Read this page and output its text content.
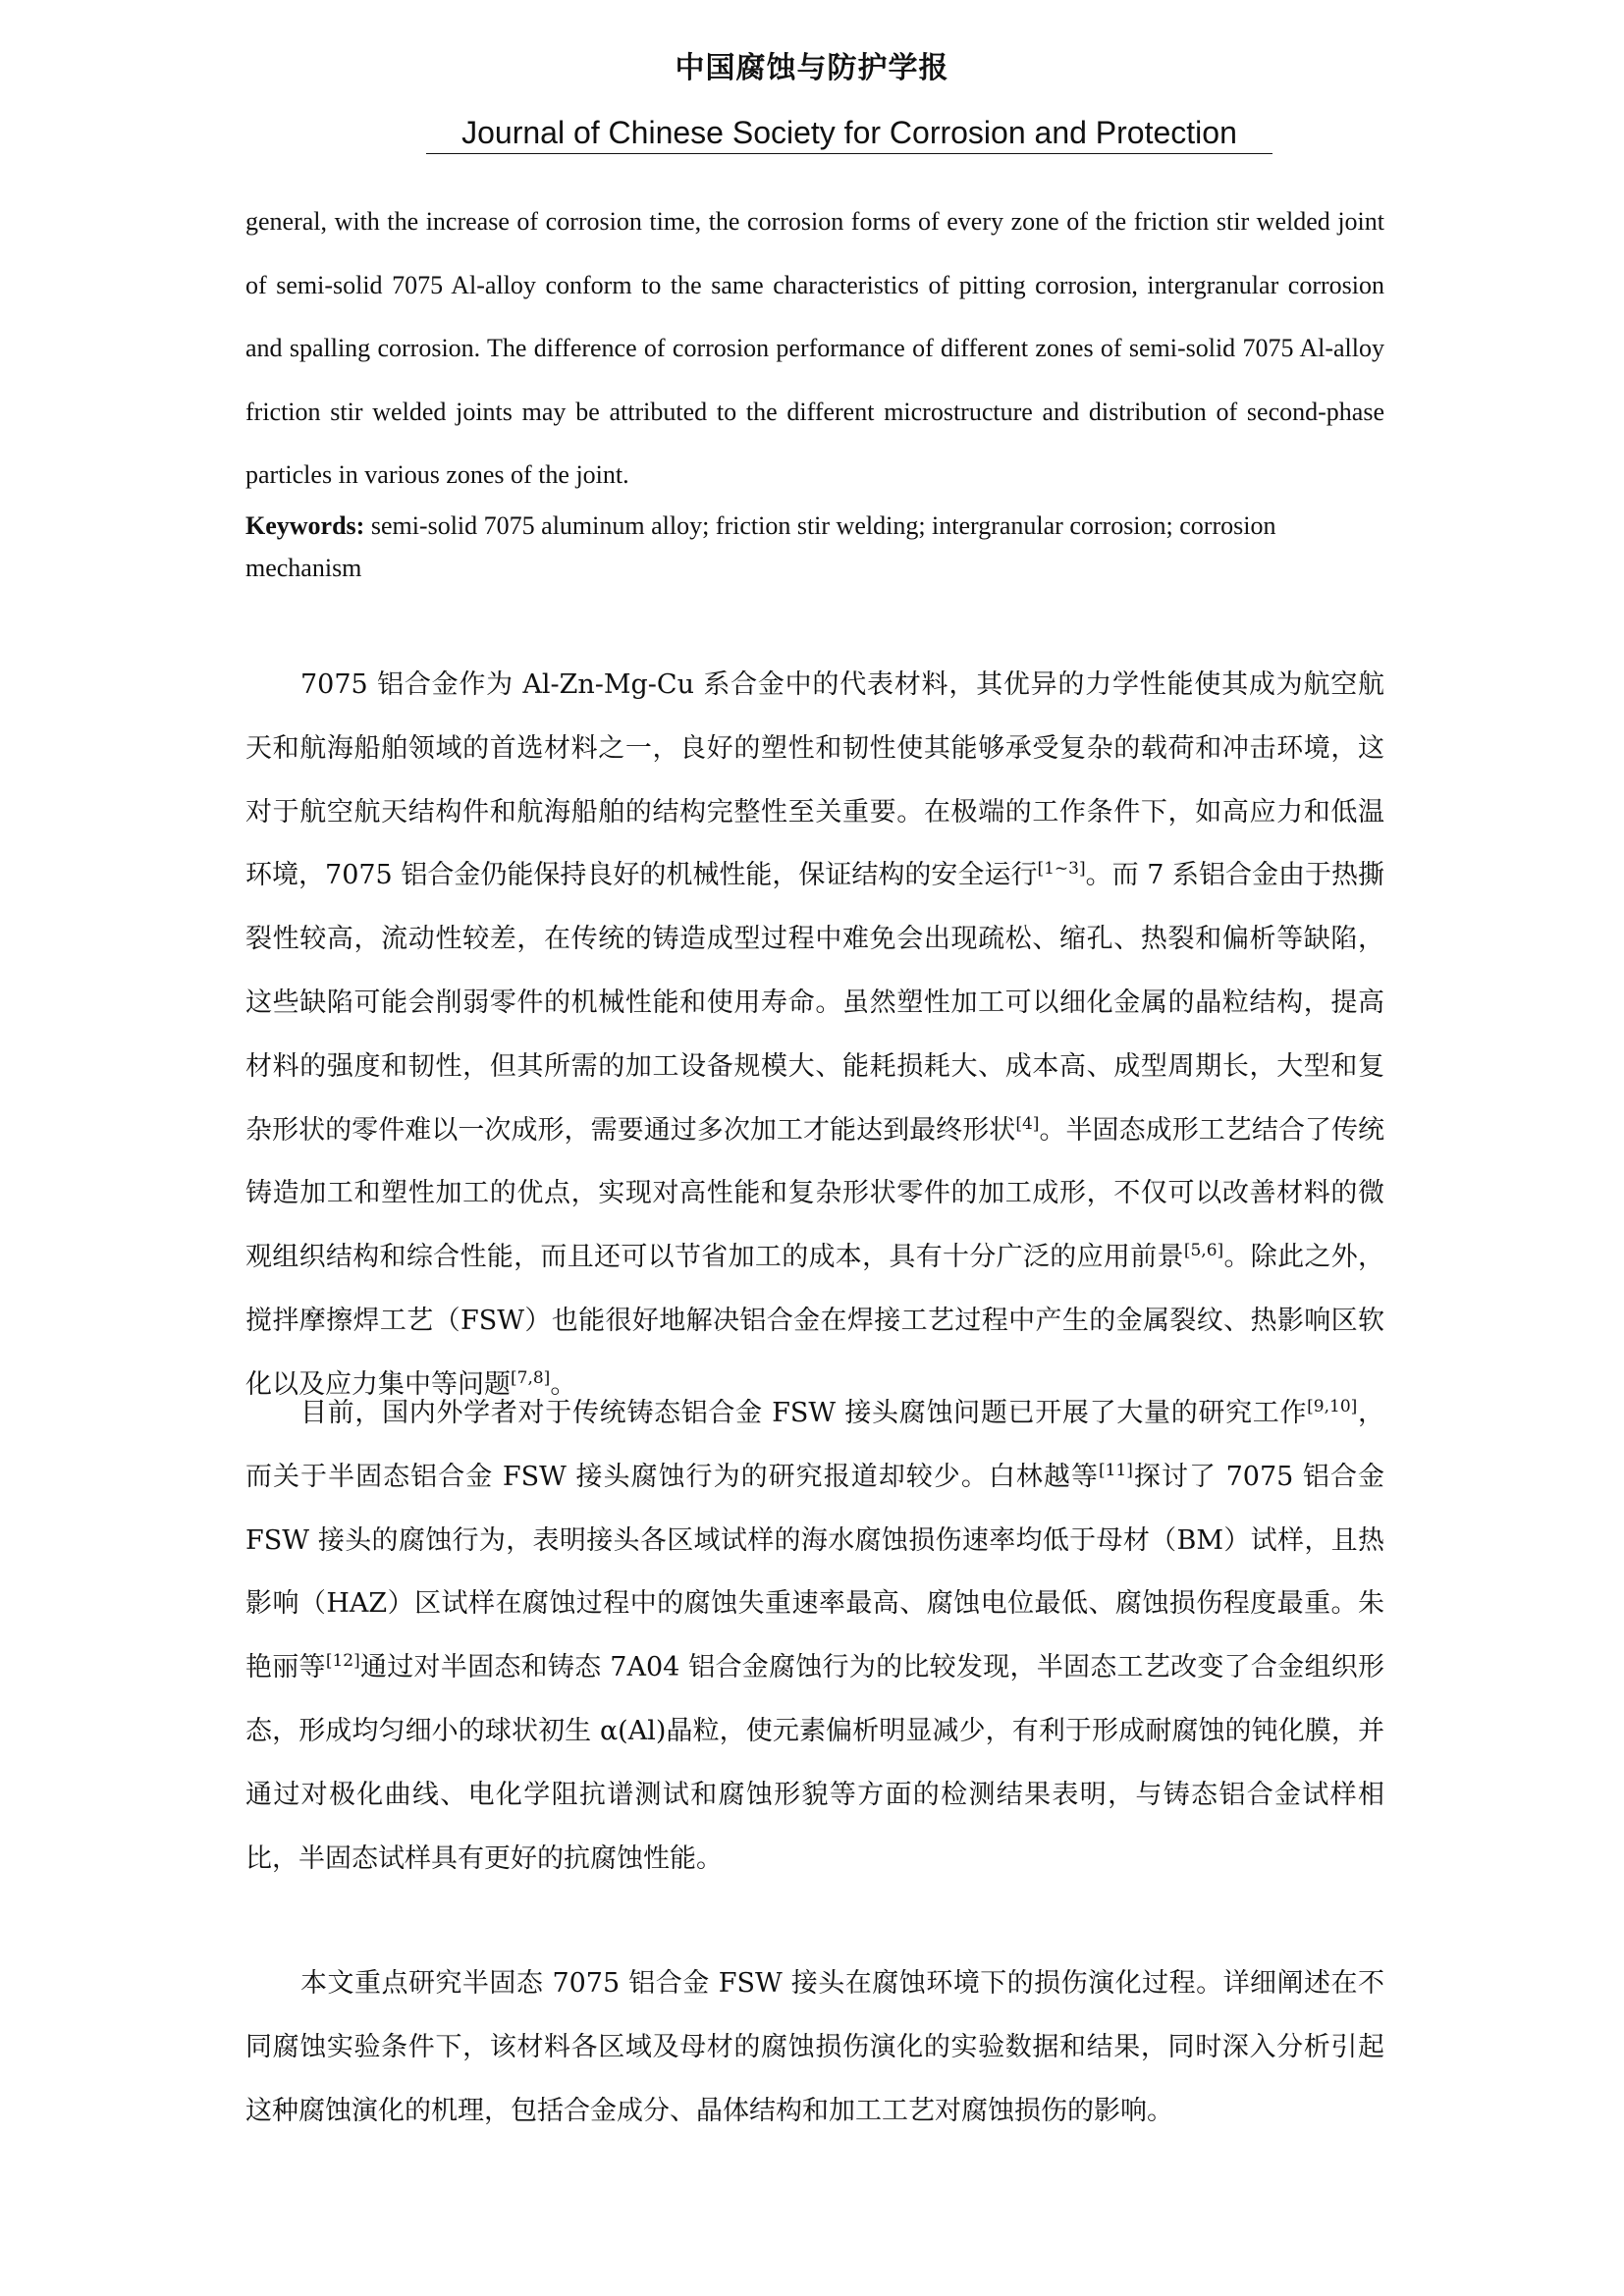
中国腐蚀与防护学报
Journal of Chinese Society for Corrosion and Protection

general, with the increase of corrosion time, the corrosion forms of every zone of the friction stir welded joint of semi-solid 7075 Al-alloy conform to the same characteristics of pitting corrosion, intergranular corrosion and spalling corrosion. The difference of corrosion performance of different zones of semi-solid 7075 Al-alloy friction stir welded joints may be attributed to the different microstructure and distribution of second-phase particles in various zones of the joint.

Keywords: semi-solid 7075 aluminum alloy; friction stir welding; intergranular corrosion; corrosion mechanism

7075 铝合金作为 Al-Zn-Mg-Cu 系合金中的代表材料，其优异的力学性能使其成为航空航天和航海船舶领域的首选材料之一，良好的塑性和韧性使其能够承受复杂的载荷和冲击环境，这对于航空航天结构件和航海船舶的结构完整性至关重要。在极端的工作条件下，如高应力和低温环境，7075 铝合金仍能保持良好的机械性能，保证结构的安全运行[1~3]。而 7 系铝合金由于热撕裂性较高，流动性较差，在传统的铸造成型过程中难免会出现疏松、缩孔、热裂和偏析等缺陷，这些缺陷可能会削弱零件的机械性能和使用寿命。虽然塑性加工可以细化金属的晶粒结构，提高材料的强度和韧性，但其所需的加工设备规模大、能耗损耗大、成本高、成型周期长，大型和复杂形状的零件难以一次成形，需要通过多次加工才能达到最终形状[4]。半固态成形工艺结合了传统铸造加工和塑性加工的优点，实现对高性能和复杂形状零件的加工成形，不仅可以改善材料的微观组织结构和综合性能，而且还可以节省加工的成本，具有十分广泛的应用前景[5,6]。除此之外，搅拌摩擦焊工艺（FSW）也能很好地解决铝合金在焊接工艺过程中产生的金属裂纹、热影响区软化以及应力集中等问题[7,8]。

目前，国内外学者对于传统铸态铝合金 FSW 接头腐蚀问题已开展了大量的研究工作[9,10]，而关于半固态铝合金 FSW 接头腐蚀行为的研究报道却较少。白林越等[11]探讨了 7075 铝合金 FSW 接头的腐蚀行为，表明接头各区域试样的海水腐蚀损伤速率均低于母材（BM）试样，且热影响（HAZ）区试样在腐蚀过程中的腐蚀失重速率最高、腐蚀电位最低、腐蚀损伤程度最重。朱艳丽等[12]通过对半固态和铸态 7A04 铝合金腐蚀行为的比较发现，半固态工艺改变了合金组织形态，形成均匀细小的球状初生 α(Al)晶粒，使元素偏析明显减少，有利于形成耐腐蚀的钝化膜，并通过对极化曲线、电化学阻抗谱测试和腐蚀形貌等方面的检测结果表明，与铸态铝合金试样相比，半固态试样具有更好的抗腐蚀性能。

本文重点研究半固态 7075 铝合金 FSW 接头在腐蚀环境下的损伤演化过程。详细阐述在不同腐蚀实验条件下，该材料各区域及母材的腐蚀损伤演化的实验数据和结果，同时深入分析引起这种腐蚀演化的机理，包括合金成分、晶体结构和加工工艺对腐蚀损伤的影响。
